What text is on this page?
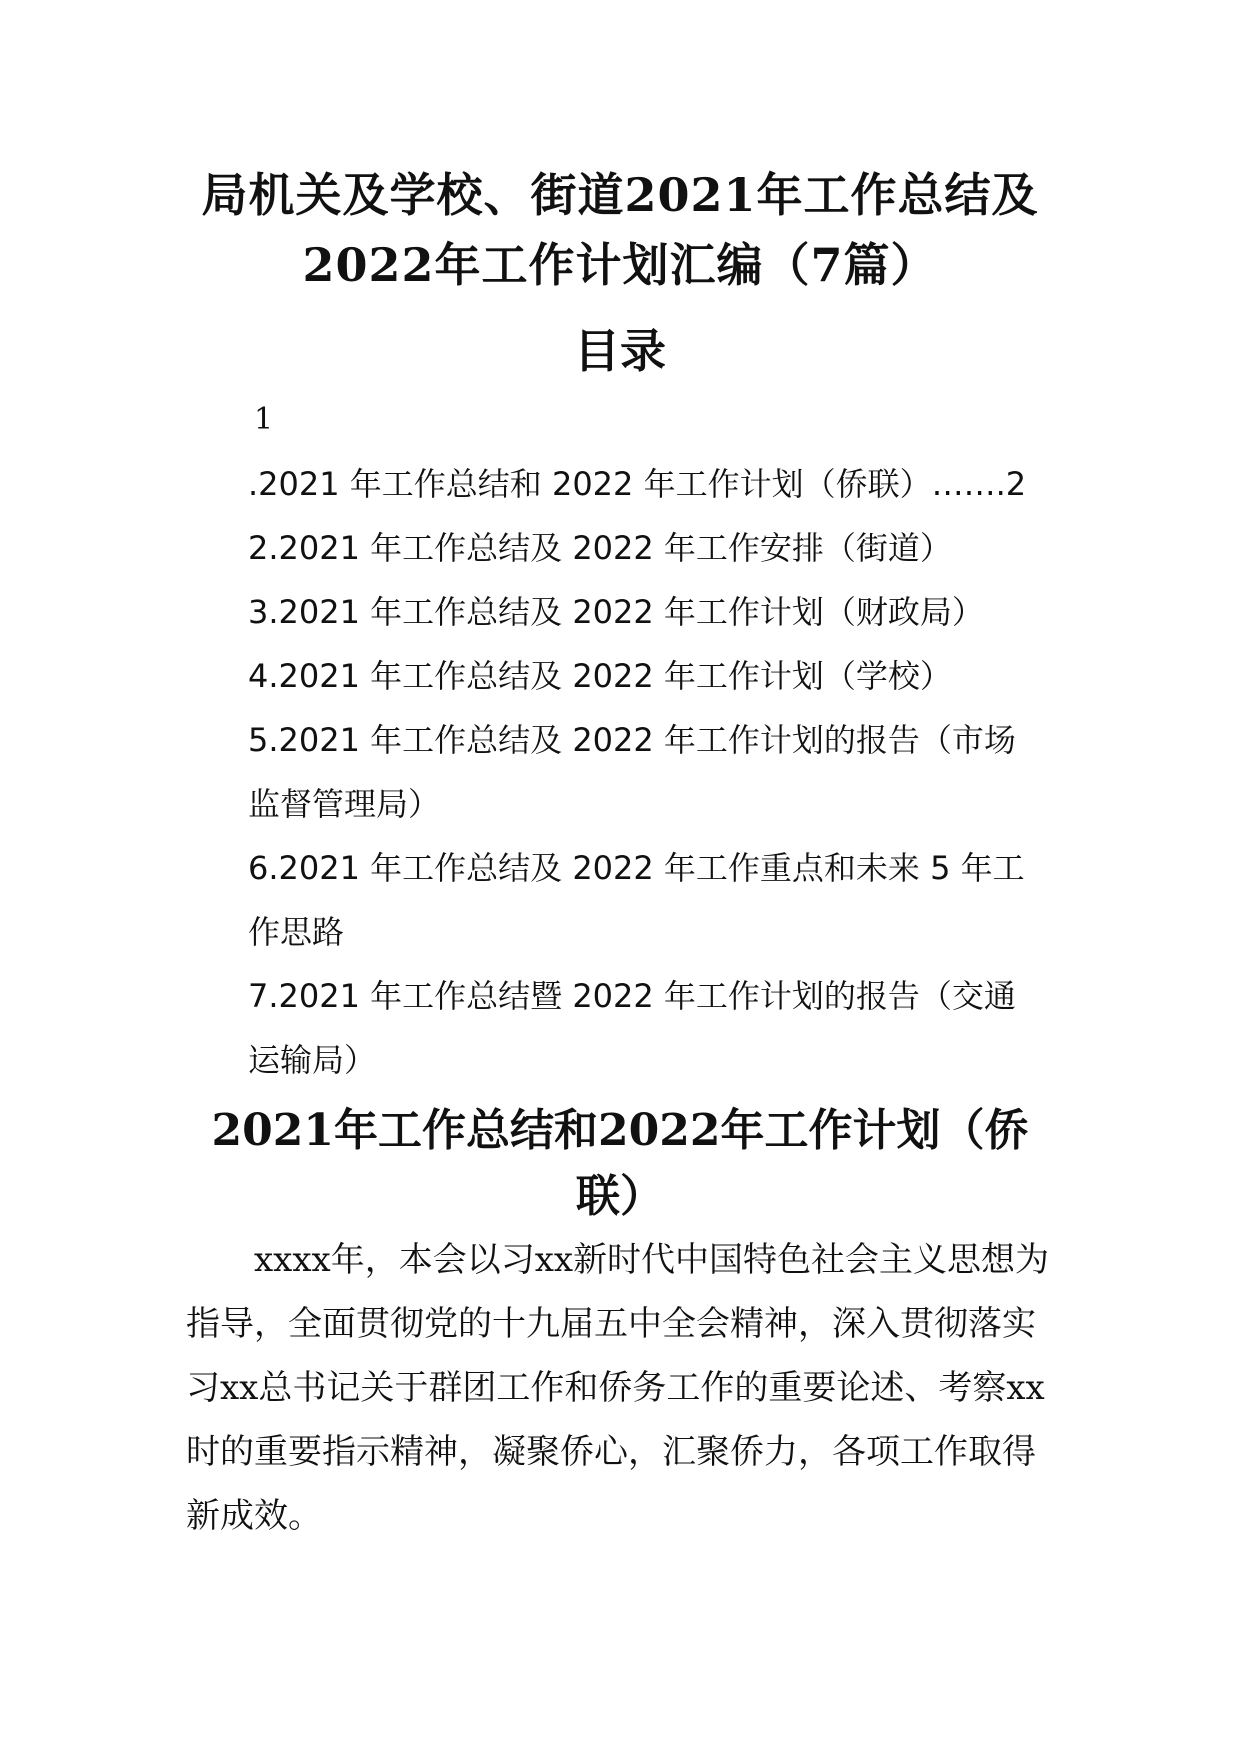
局机关及学校、街道2021年工作总结及
2022年工作计划汇编（7篇）
目录
1
.2021 年工作总结和 2022 年工作计划（侨联）…….2
2.2021 年工作总结及 2022 年工作安排（街道）
3.2021 年工作总结及 2022 年工作计划（财政局）
4.2021 年工作总结及 2022 年工作计划（学校）
5.2021 年工作总结及 2022 年工作计划的报告（市场
监督管理局）
6.2021 年工作总结及 2022 年工作重点和未来 5 年工
作思路
7.2021 年工作总结暨 2022 年工作计划的报告（交通
运输局）
2021年工作总结和2022年工作计划（侨
联）
xxxx年，本会以习xx新时代中国特色社会主义思想为
指导，全面贯彻党的十九届五中全会精神，深入贯彻落实
习xx总书记关于群团工作和侨务工作的重要论述、考察xx
时的重要指示精神，凝聚侨心，汇聚侨力，各项工作取得
新成效。
